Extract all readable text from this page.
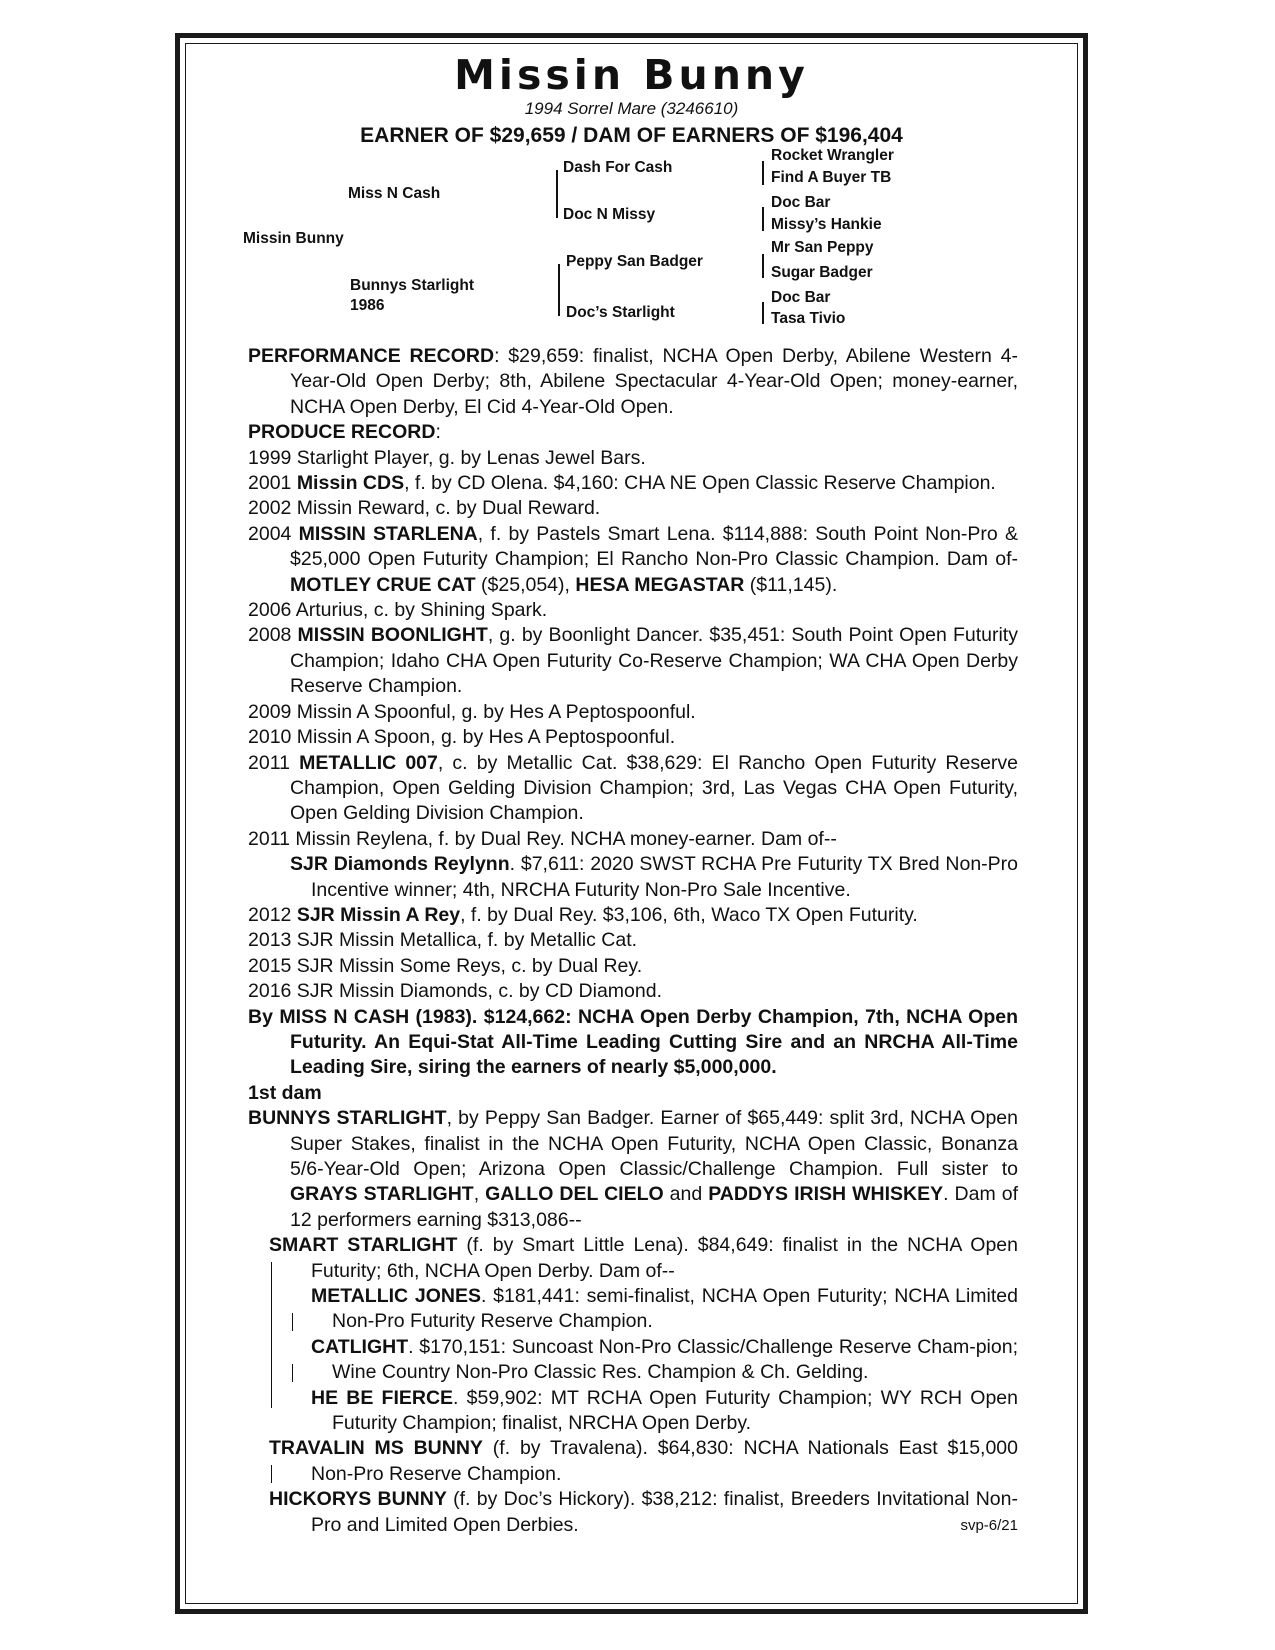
Missin Bunny
1994 Sorrel Mare (3246610)
EARNER OF $29,659 / DAM OF EARNERS OF $196,404
Missin Bunny
Miss N Cash
Bunnys Starlight
1986
Dash For Cash
Doc N Missy
Peppy San Badger
Doc’s Starlight
Rocket Wrangler
Find A Buyer TB
Doc Bar
Missy’s Hankie
Mr San Peppy
Sugar Badger
Doc Bar
Tasa Tivio

PERFORMANCE RECORD: $29,659: finalist, NCHA Open Derby, Abilene Western 4-Year-Old Open Derby; 8th, Abilene Spectacular 4-Year-Old Open; money-earner, NCHA Open Derby, El Cid 4-Year-Old Open.

PRODUCE RECORD:

1999 Starlight Player, g. by Lenas Jewel Bars.

2001 Missin CDS, f. by CD Olena. $4,160: CHA NE Open Classic Reserve Champion.

2002 Missin Reward, c. by Dual Reward.

2004 MISSIN STARLENA, f. by Pastels Smart Lena. $114,888: South Point Non-Pro & $25,000 Open Futurity Champion; El Rancho Non-Pro Classic Champion. Dam of-MOTLEY CRUE CAT ($25,054), HESA MEGASTAR ($11,145).

2006 Arturius, c. by Shining Spark.

2008 MISSIN BOONLIGHT, g. by Boonlight Dancer. $35,451: South Point Open Futurity Champion; Idaho CHA Open Futurity Co-Reserve Champion; WA CHA Open Derby Reserve Champion.

2009 Missin A Spoonful, g. by Hes A Peptospoonful.

2010 Missin A Spoon, g. by Hes A Peptospoonful.

2011 METALLIC 007, c. by Metallic Cat. $38,629: El Rancho Open Futurity Reserve Champion, Open Gelding Division Champion; 3rd, Las Vegas CHA Open Futurity, Open Gelding Division Champion.

2011 Missin Reylena, f. by Dual Rey. NCHA money-earner. Dam of--

SJR Diamonds Reylynn. $7,611: 2020 SWST RCHA Pre Futurity TX Bred Non-Pro Incentive winner; 4th, NRCHA Futurity Non-Pro Sale Incentive.

2012 SJR Missin A Rey, f. by Dual Rey. $3,106, 6th, Waco TX Open Futurity.

2013 SJR Missin Metallica, f. by Metallic Cat.

2015 SJR Missin Some Reys, c. by Dual Rey.

2016 SJR Missin Diamonds, c. by CD Diamond.

By MISS N CASH (1983). $124,662: NCHA Open Derby Champion, 7th, NCHA Open Futurity. An Equi-Stat All-Time Leading Cutting Sire and an NRCHA All-Time Leading Sire, siring the earners of nearly $5,000,000.

1st dam

BUNNYS STARLIGHT, by Peppy San Badger. Earner of $65,449: split 3rd, NCHA Open Super Stakes, finalist in the NCHA Open Futurity, NCHA Open Classic, Bonanza 5/6-Year-Old Open; Arizona Open Classic/Challenge Champion. Full sister to GRAYS STARLIGHT, GALLO DEL CIELO and PADDYS IRISH WHISKEY. Dam of 12 performers earning $313,086--

SMART STARLIGHT (f. by Smart Little Lena). $84,649: finalist in the NCHA Open Futurity; 6th, NCHA Open Derby. Dam of--

METALLIC JONES. $181,441: semi-finalist, NCHA Open Futurity; NCHA Limited Non-Pro Futurity Reserve Champion.

CATLIGHT. $170,151: Suncoast Non-Pro Classic/Challenge Reserve Cham-pion; Wine Country Non-Pro Classic Res. Champion & Ch. Gelding.

HE BE FIERCE. $59,902: MT RCHA Open Futurity Champion; WY RCH Open Futurity Champion; finalist, NRCHA Open Derby.

TRAVALIN MS BUNNY (f. by Travalena). $64,830: NCHA Nationals East $15,000 Non-Pro Reserve Champion.

HICKORYS BUNNY (f. by Doc’s Hickory). $38,212: finalist, Breeders Invitational Non-Pro and Limited Open Derbies.	svp-6/21
